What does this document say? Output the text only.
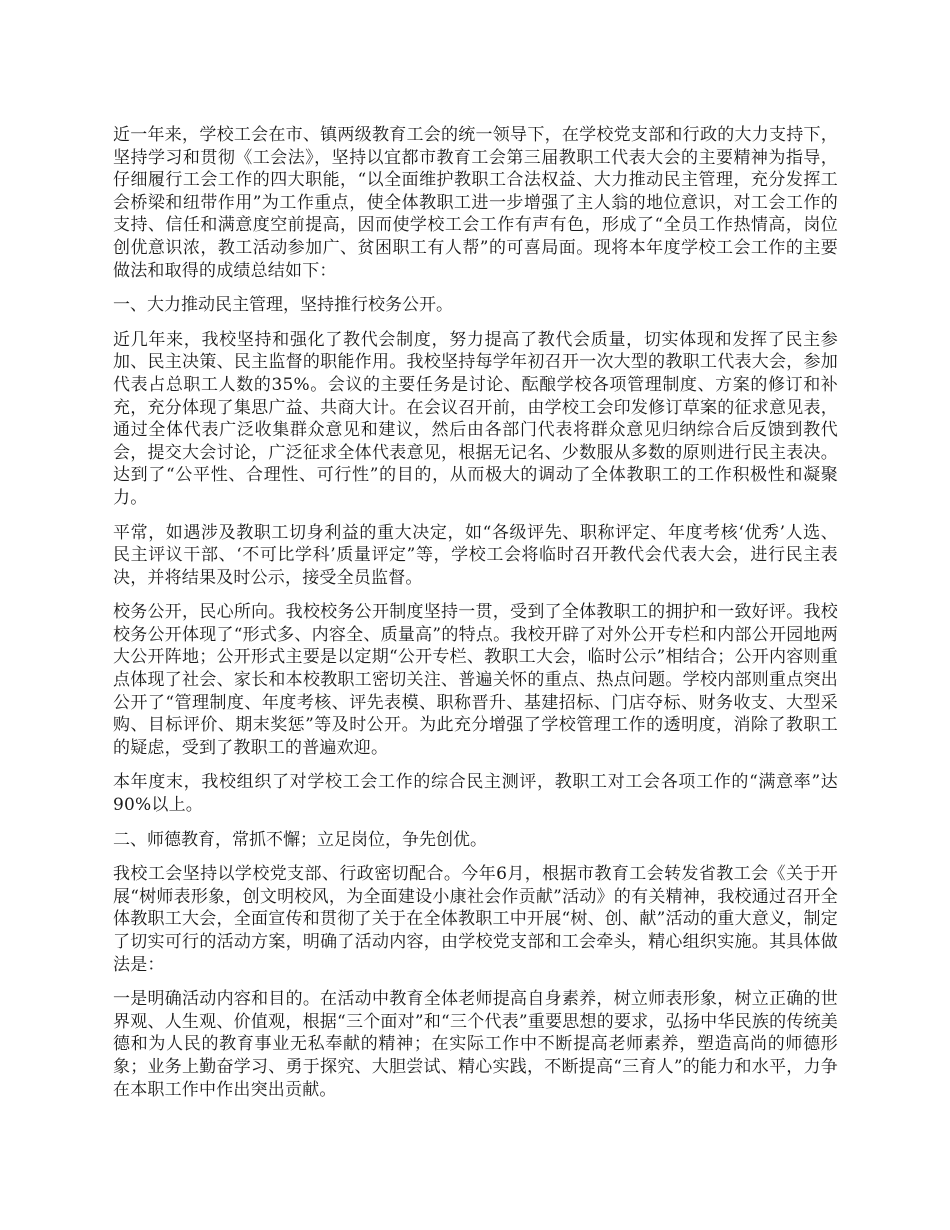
近一年来，学校工会在市、镇两级教育工会的统一领导下，在学校党支部和行政的大力支持下，坚持学习和贯彻《工会法》，坚持以宜都市教育工会第三届教职工代表大会的主要精神为指导，仔细履行工会工作的四大职能，“以全面维护教职工合法权益、大力推动民主管理，充分发挥工会桥梁和纽带作用”为工作重点，使全体教职工进一步增强了主人翁的地位意识，对工会工作的支持、信任和满意度空前提高，因而使学校工会工作有声有色，形成了“全员工作热情高，岗位创优意识浓，教工活动参加广、贫困职工有人帮”的可喜局面。现将本年度学校工会工作的主要做法和取得的成绩总结如下：

一、大力推动民主管理，坚持推行校务公开。

近几年来，我校坚持和强化了教代会制度，努力提高了教代会质量，切实体现和发挥了民主参加、民主决策、民主监督的职能作用。我校坚持每学年初召开一次大型的教职工代表大会，参加代表占总职工人数的35%。会议的主要任务是讨论、酝酿学校各项管理制度、方案的修订和补充，充分体现了集思广益、共商大计。在会议召开前，由学校工会印发修订草案的征求意见表，通过全体代表广泛收集群众意见和建议，然后由各部门代表将群众意见归纳综合后反馈到教代会，提交大会讨论，广泛征求全体代表意见，根据无记名、少数服从多数的原则进行民主表决。达到了“公平性、合理性、可行性”的目的，从而极大的调动了全体教职工的工作积极性和凝聚力。

平常，如遇涉及教职工切身利益的重大决定，如“各级评先、职称评定、年度考核‘优秀’人选、民主评议干部、‘不可比学科’质量评定”等，学校工会将临时召开教代会代表大会，进行民主表决，并将结果及时公示，接受全员监督。

校务公开，民心所向。我校校务公开制度坚持一贯，受到了全体教职工的拥护和一致好评。我校校务公开体现了“形式多、内容全、质量高”的特点。我校开辟了对外公开专栏和内部公开园地两大公开阵地；公开形式主要是以定期“公开专栏、教职工大会，临时公示”相结合；公开内容则重点体现了社会、家长和本校教职工密切关注、普遍关怀的重点、热点问题。学校内部则重点突出公开了“管理制度、年度考核、评先表模、职称晋升、基建招标、门店夺标、财务收支、大型采购、目标评价、期末奖惩”等及时公开。为此充分增强了学校管理工作的透明度，消除了教职工的疑虑，受到了教职工的普遍欢迎。

本年度末，我校组织了对学校工会工作的综合民主测评，教职工对工会各项工作的“满意率”达90%以上。

二、师德教育，常抓不懈；立足岗位，争先创优。

我校工会坚持以学校党支部、行政密切配合。今年6月，根据市教育工会转发省教工会《关于开展“树师表形象，创文明校风，为全面建设小康社会作贡献”活动》的有关精神，我校通过召开全体教职工大会，全面宣传和贯彻了关于在全体教职工中开展“树、创、献”活动的重大意义，制定了切实可行的活动方案，明确了活动内容，由学校党支部和工会牵头，精心组织实施。其具体做法是：

一是明确活动内容和目的。在活动中教育全体老师提高自身素养，树立师表形象，树立正确的世界观、人生观、价值观，根据“三个面对”和“三个代表”重要思想的要求，弘扬中华民族的传统美德和为人民的教育事业无私奉献的精神；在实际工作中不断提高老师素养，塑造高尚的师德形象；业务上勤奋学习、勇于探究、大胆尝试、精心实践，不断提高“三育人”的能力和水平，力争在本职工作中作出突出贡献。
